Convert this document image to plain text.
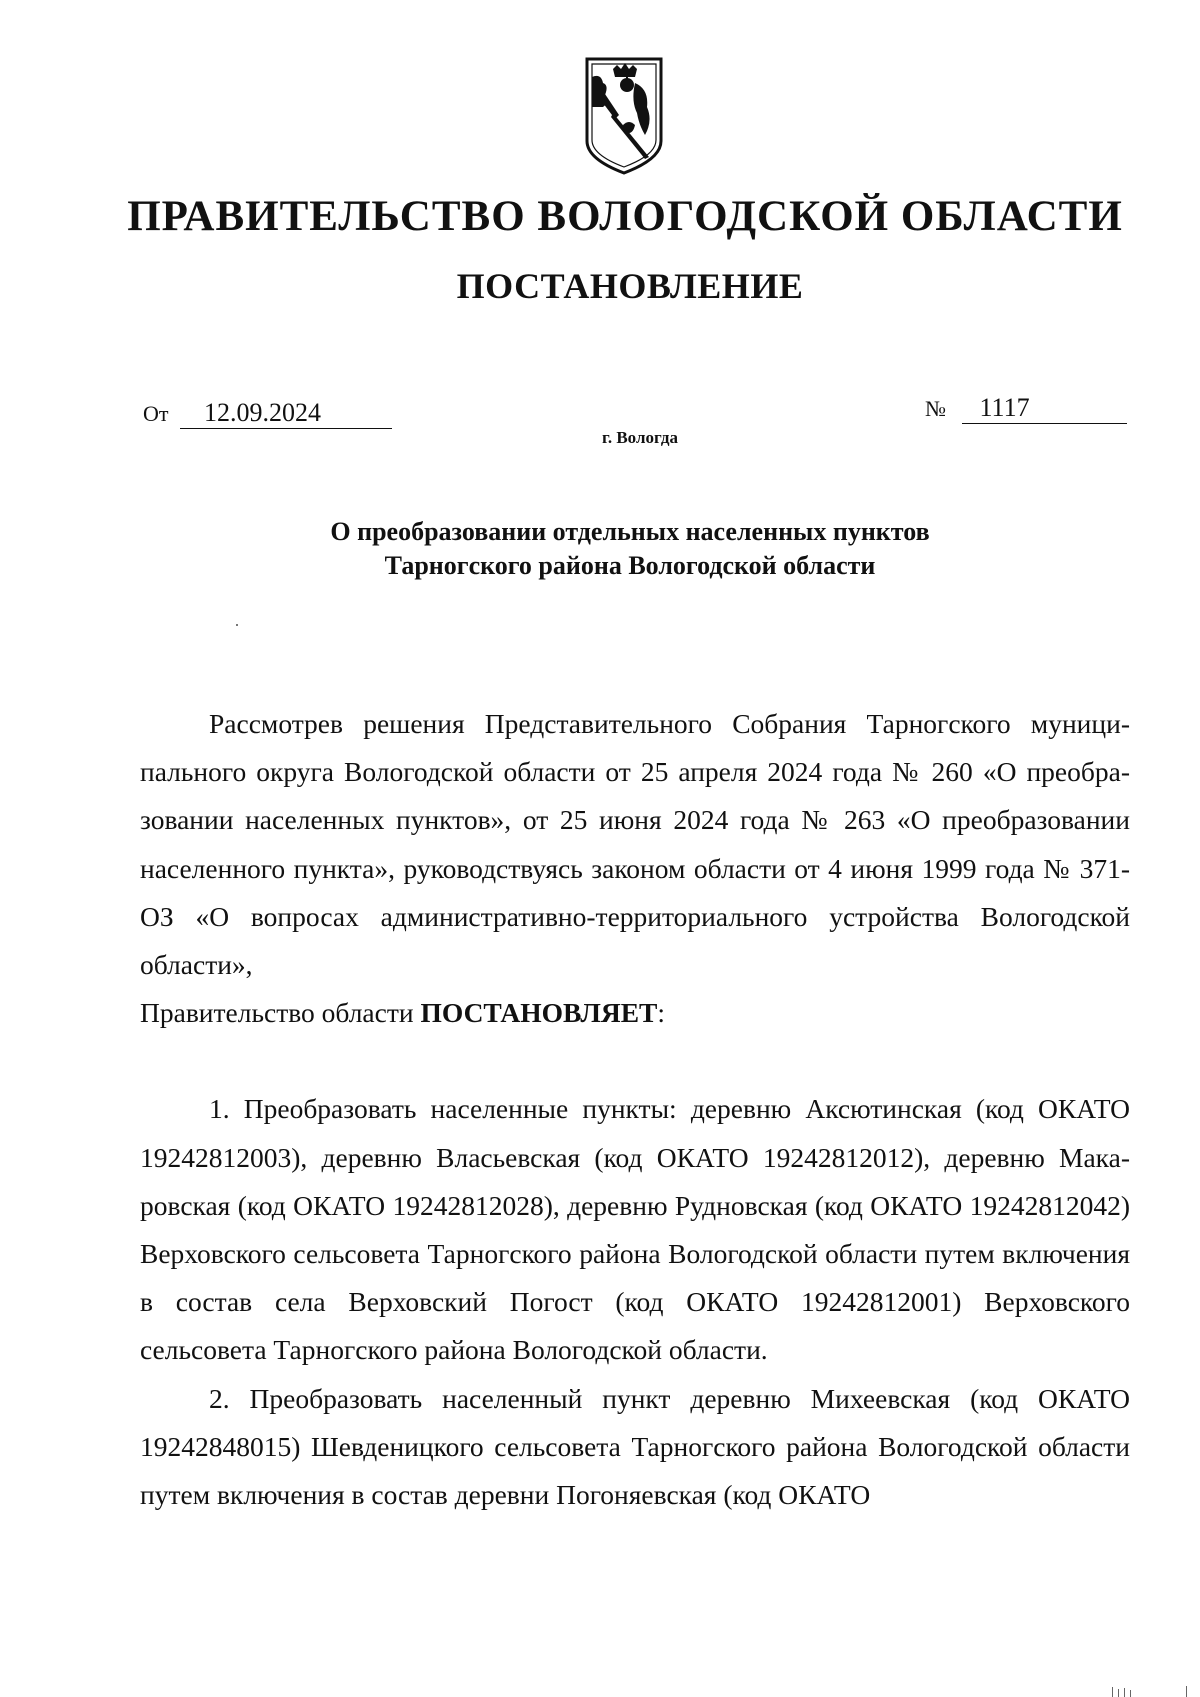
ПРАВИТЕЛЬСТВО ВОЛОГОДСКОЙ ОБЛАСТИ
ПОСТАНОВЛЕНИЕ
От 12.09.2024	№ 1117
г. Вологда
О преобразовании отдельных населенных пунктов
Тарногского района Вологодской области

Рассмотрев решения Представительного Собрания Тарногского муниципального округа Вологодской области от 25 апреля 2024 года № 260 «О преобразовании населенных пунктов», от 25 июня 2024 года № 263 «О преобразовании населенного пункта», руководствуясь законом области от 4 июня 1999 года № 371-ОЗ «О вопросах административно-территориального устройства Вологодской области»,

Правительство области ПОСТАНОВЛЯЕТ:

1. Преобразовать населенные пункты: деревню Аксютинская (код ОКАТО 19242812003), деревню Власьевская (код ОКАТО 19242812012), деревню Макаровская (код ОКАТО 19242812028), деревню Рудновская (код ОКАТО 19242812042) Верховского сельсовета Тарногского района Вологодской области путем включения в состав села Верховский Погост (код ОКАТО 19242812001) Верховского сельсовета Тарногского района Вологодской области.

2. Преобразовать населенный пункт деревню Михеевская (код ОКАТО 19242848015) Шевденицкого сельсовета Тарногского района Вологодской области путем включения в состав деревни Погоняевская (код ОКАТО
